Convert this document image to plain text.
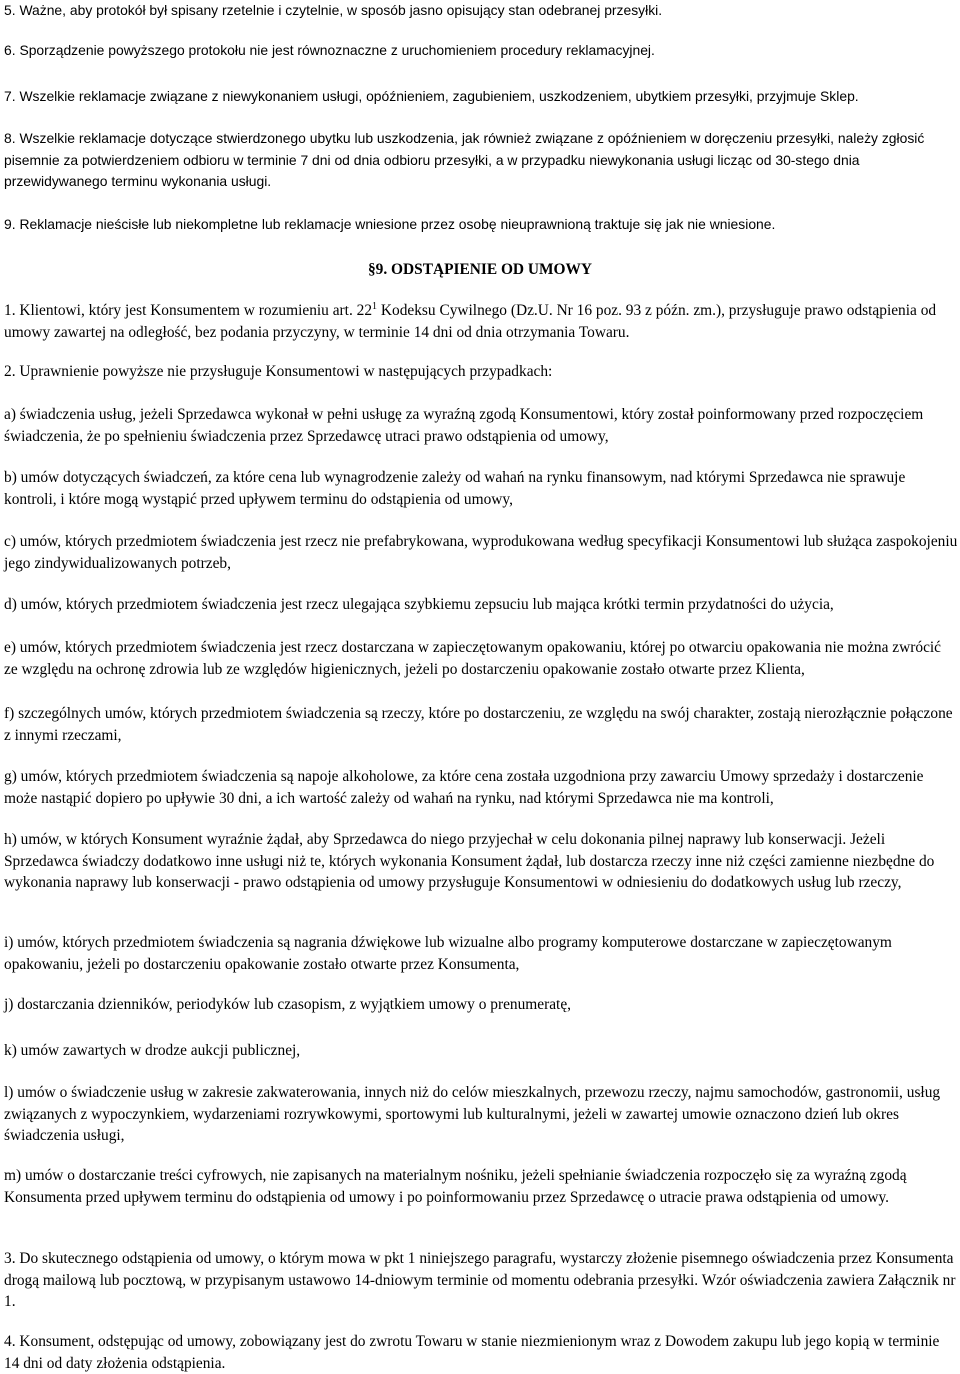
5. Ważne, aby protokół był spisany rzetelnie i czytelnie, w sposób jasno opisujący stan odebranej przesyłki.

6. Sporządzenie powyższego protokołu nie jest równoznaczne z uruchomieniem procedury reklamacyjnej.

7. Wszelkie reklamacje związane z niewykonaniem usługi, opóźnieniem, zagubieniem, uszkodzeniem, ubytkiem przesyłki, przyjmuje Sklep.

8. Wszelkie reklamacje dotyczące stwierdzonego ubytku lub uszkodzenia, jak również związane z opóźnieniem w doręczeniu przesyłki, należy zgłosić pisemnie za potwierdzeniem odbioru w terminie 7 dni od dnia odbioru przesyłki, a w przypadku niewykonania usługi licząc od 30-stego dnia przewidywanego terminu wykonania usługi.

9. Reklamacje nieścisłe lub niekompletne lub reklamacje wniesione przez osobę nieuprawnioną traktuje się jak nie wniesione.

§9. ODSTĄPIENIE OD UMOWY

1. Klientowi, który jest Konsumentem w rozumieniu art. $22^1$ Kodeksu Cywilnego (Dz.U. Nr 16 poz. 93 z późn. zm.), przysługuje prawo odstąpienia od umowy zawartej na odległość, bez podania przyczyny, w terminie 14 dni od dnia otrzymania Towaru.

2. Uprawnienie powyższe nie przysługuje Konsumentowi w następujących przypadkach:

a) świadczenia usług, jeżeli Sprzedawca wykonał w pełni usługę za wyraźną zgodą Konsumentowi, który został poinformowany przed rozpoczęciem świadczenia, że po spełnieniu świadczenia przez Sprzedawcę utraci prawo odstąpienia od umowy,

b) umów dotyczących świadczeń, za które cena lub wynagrodzenie zależy od wahań na rynku finansowym, nad którymi Sprzedawca nie sprawuje kontroli, i które mogą wystąpić przed upływem terminu do odstąpienia od umowy,

c) umów, których przedmiotem świadczenia jest rzecz nie prefabrykowana, wyprodukowana według specyfikacji Konsumentowi lub służąca zaspokojeniu jego zindywidualizowanych potrzeb,

d) umów, których przedmiotem świadczenia jest rzecz ulegająca szybkiemu zepsuciu lub mająca krótki termin przydatności do użycia,

e) umów, których przedmiotem świadczenia jest rzecz dostarczana w zapieczętowanym opakowaniu, której po otwarciu opakowania nie można zwrócić ze względu na ochronę zdrowia lub ze względów higienicznych, jeżeli po dostarczeniu opakowanie zostało otwarte przez Klienta,

f) szczególnych umów, których przedmiotem świadczenia są rzeczy, które po dostarczeniu, ze względu na swój charakter, zostają nierozłącznie połączone z innymi rzeczami,

g) umów, których przedmiotem świadczenia są napoje alkoholowe, za które cena została uzgodniona przy zawarciu Umowy sprzedaży i dostarczenie może nastąpić dopiero po upływie 30 dni, a ich wartość zależy od wahań na rynku, nad którymi Sprzedawca nie ma kontroli,

h) umów, w których Konsument wyraźnie żądał, aby Sprzedawca do niego przyjechał w celu dokonania pilnej naprawy lub konserwacji. Jeżeli Sprzedawca świadczy dodatkowo inne usługi niż te, których wykonania Konsument żądał, lub dostarcza rzeczy inne niż części zamienne niezbędne do wykonania naprawy lub konserwacji - prawo odstąpienia od umowy przysługuje Konsumentowi w odniesieniu do dodatkowych usług lub rzeczy,

i) umów, których przedmiotem świadczenia są nagrania dźwiękowe lub wizualne albo programy komputerowe dostarczane w zapieczętowanym opakowaniu, jeżeli po dostarczeniu opakowanie zostało otwarte przez Konsumenta,

j) dostarczania dzienników, periodyków lub czasopism, z wyjątkiem umowy o prenumeratę,

k) umów zawartych w drodze aukcji publicznej,

l) umów o świadczenie usług w zakresie zakwaterowania, innych niż do celów mieszkalnych, przewozu rzeczy, najmu samochodów, gastronomii, usług związanych z wypoczynkiem, wydarzeniami rozrywkowymi, sportowymi lub kulturalnymi, jeżeli w zawartej umowie oznaczono dzień lub okres świadczenia usługi,

m) umów o dostarczanie treści cyfrowych, nie zapisanych na materialnym nośniku, jeżeli spełnianie świadczenia rozpoczęło się za wyraźną zgodą Konsumenta przed upływem terminu do odstąpienia od umowy i po poinformowaniu przez Sprzedawcę o utracie prawa odstąpienia od umowy.

3. Do skutecznego odstąpienia od umowy, o którym mowa w pkt 1 niniejszego paragrafu, wystarczy złożenie pisemnego oświadczenia przez Konsumenta drogą mailową lub pocztową, w przypisanym ustawowo 14-dniowym terminie od momentu odebrania przesyłki. Wzór oświadczenia zawiera Załącznik nr 1.

4. Konsument, odstępując od umowy, zobowiązany jest do zwrotu Towaru w stanie niezmienionym wraz z Dowodem zakupu lub jego kopią w terminie 14 dni od daty złożenia odstąpienia.
